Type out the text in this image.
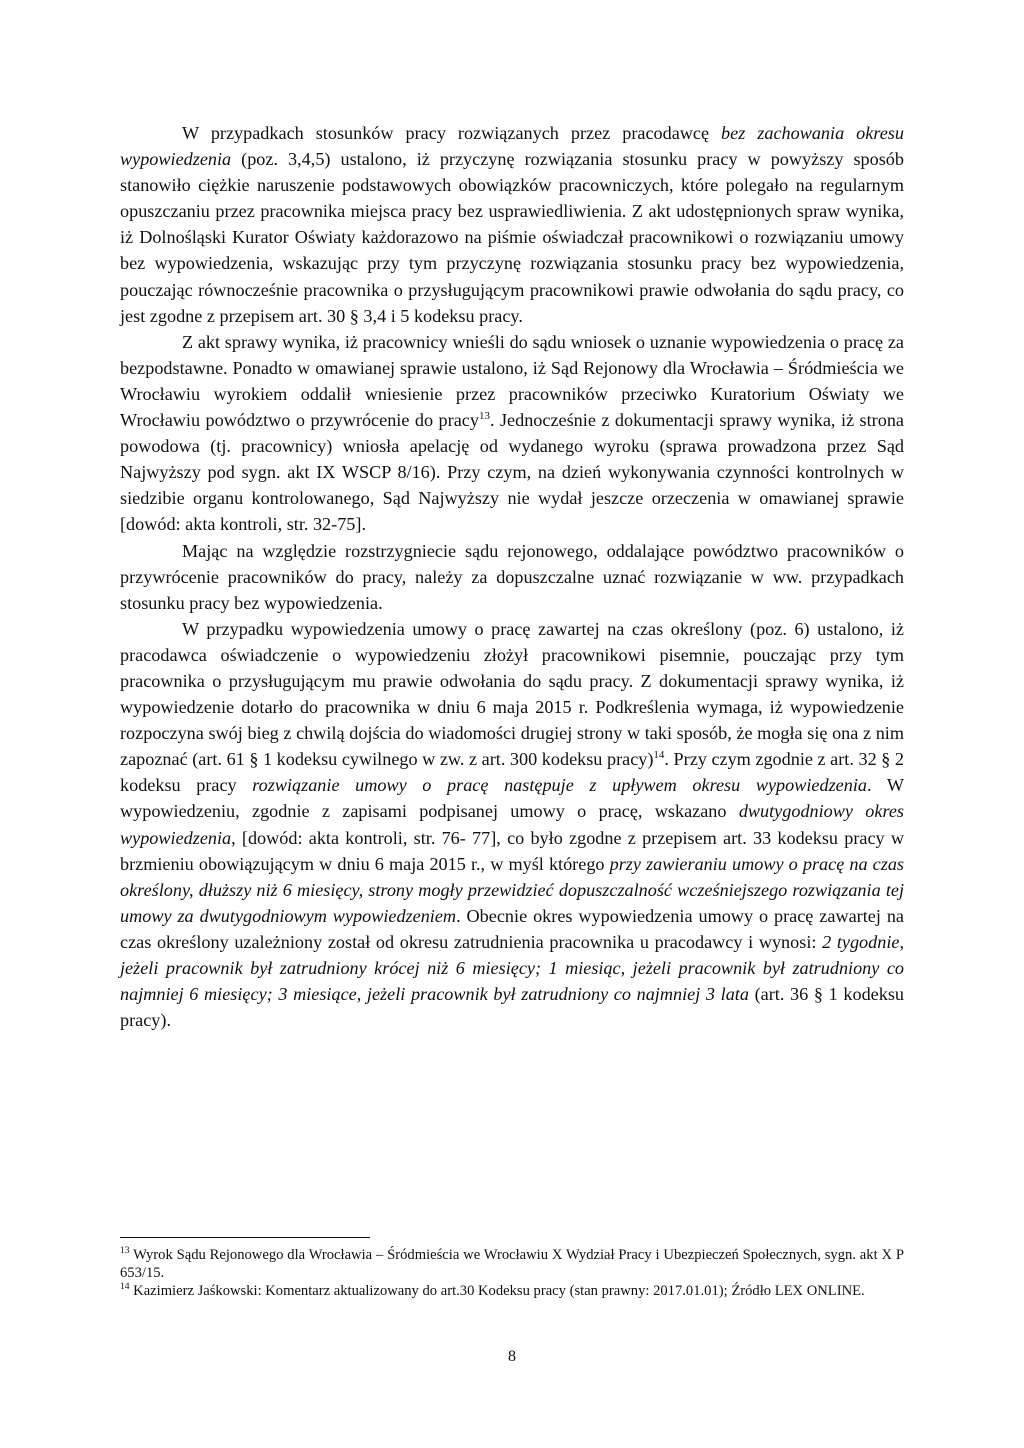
W przypadkach stosunków pracy rozwiązanych przez pracodawcę bez zachowania okresu wypowiedzenia (poz. 3,4,5) ustalono, iż przyczynę rozwiązania stosunku pracy w powyższy sposób stanowiło ciężkie naruszenie podstawowych obowiązków pracowniczych, które polegało na regularnym opuszczaniu przez pracownika miejsca pracy bez usprawiedliwienia. Z akt udostępnionych spraw wynika, iż Dolnośląski Kurator Oświaty każdorazowo na piśmie oświadczał pracownikowi o rozwiązaniu umowy bez wypowiedzenia, wskazując przy tym przyczynę rozwiązania stosunku pracy bez wypowiedzenia, pouczając równocześnie pracownika o przysługującym pracownikowi prawie odwołania do sądu pracy, co jest zgodne z przepisem art. 30 § 3,4 i 5 kodeksu pracy.

Z akt sprawy wynika, iż pracownicy wnieśli do sądu wniosek o uznanie wypowiedzenia o pracę za bezpodstawne. Ponadto w omawianej sprawie ustalono, iż Sąd Rejonowy dla Wrocławia – Śródmieścia we Wrocławiu wyrokiem oddalił wniesienie przez pracowników przeciwko Kuratorium Oświaty we Wrocławiu powództwo o przywrócenie do pracy$^{13}$. Jednocześnie z dokumentacji sprawy wynika, iż strona powodowa (tj. pracownicy) wniosła apelację od wydanego wyroku (sprawa prowadzona przez Sąd Najwyższy pod sygn. akt IX WSCP 8/16). Przy czym, na dzień wykonywania czynności kontrolnych w siedzibie organu kontrolowanego, Sąd Najwyższy nie wydał jeszcze orzeczenia w omawianej sprawie [dowód: akta kontroli, str. 32-75].

Mając na względzie rozstrzygniecie sądu rejonowego, oddalające powództwo pracowników o przywrócenie pracowników do pracy, należy za dopuszczalne uznać rozwiązanie w ww. przypadkach stosunku pracy bez wypowiedzenia.

W przypadku wypowiedzenia umowy o pracę zawartej na czas określony (poz. 6) ustalono, iż pracodawca oświadczenie o wypowiedzeniu złożył pracownikowi pisemnie, pouczając przy tym pracownika o przysługującym mu prawie odwołania do sądu pracy. Z dokumentacji sprawy wynika, iż wypowiedzenie dotarło do pracownika w dniu 6 maja 2015 r. Podkreślenia wymaga, iż wypowiedzenie rozpoczyna swój bieg z chwilą dojścia do wiadomości drugiej strony w taki sposób, że mogła się ona z nim zapoznać (art. 61 § 1 kodeksu cywilnego w zw. z art. 300 kodeksu pracy)$^{14}$. Przy czym zgodnie z art. 32 § 2 kodeksu pracy rozwiązanie umowy o pracę następuje z upływem okresu wypowiedzenia. W wypowiedzeniu, zgodnie z zapisami podpisanej umowy o pracę, wskazano dwutygodniowy okres wypowiedzenia, [dowód: akta kontroli, str. 76- 77], co było zgodne z przepisem art. 33 kodeksu pracy w brzmieniu obowiązującym w dniu 6 maja 2015 r., w myśl którego przy zawieraniu umowy o pracę na czas określony, dłuższy niż 6 miesięcy, strony mogły przewidzieć dopuszczalność wcześniejszego rozwiązania tej umowy za dwutygodniowym wypowiedzeniem. Obecnie okres wypowiedzenia umowy o pracę zawartej na czas określony uzależniony został od okresu zatrudnienia pracownika u pracodawcy i wynosi: 2 tygodnie, jeżeli pracownik był zatrudniony krócej niż 6 miesięcy; 1 miesiąc, jeżeli pracownik był zatrudniony co najmniej 6 miesięcy; 3 miesiące, jeżeli pracownik był zatrudniony co najmniej 3 lata (art. 36 § 1 kodeksu pracy).

$^{13}$ Wyrok Sądu Rejonowego dla Wrocławia – Śródmieścia we Wrocławiu X Wydział Pracy i Ubezpieczeń Społecznych, sygn. akt X P 653/15.

$^{14}$ Kazimierz Jaśkowski: Komentarz aktualizowany do art.30 Kodeksu pracy (stan prawny: 2017.01.01); Źródło LEX ONLINE.

8
